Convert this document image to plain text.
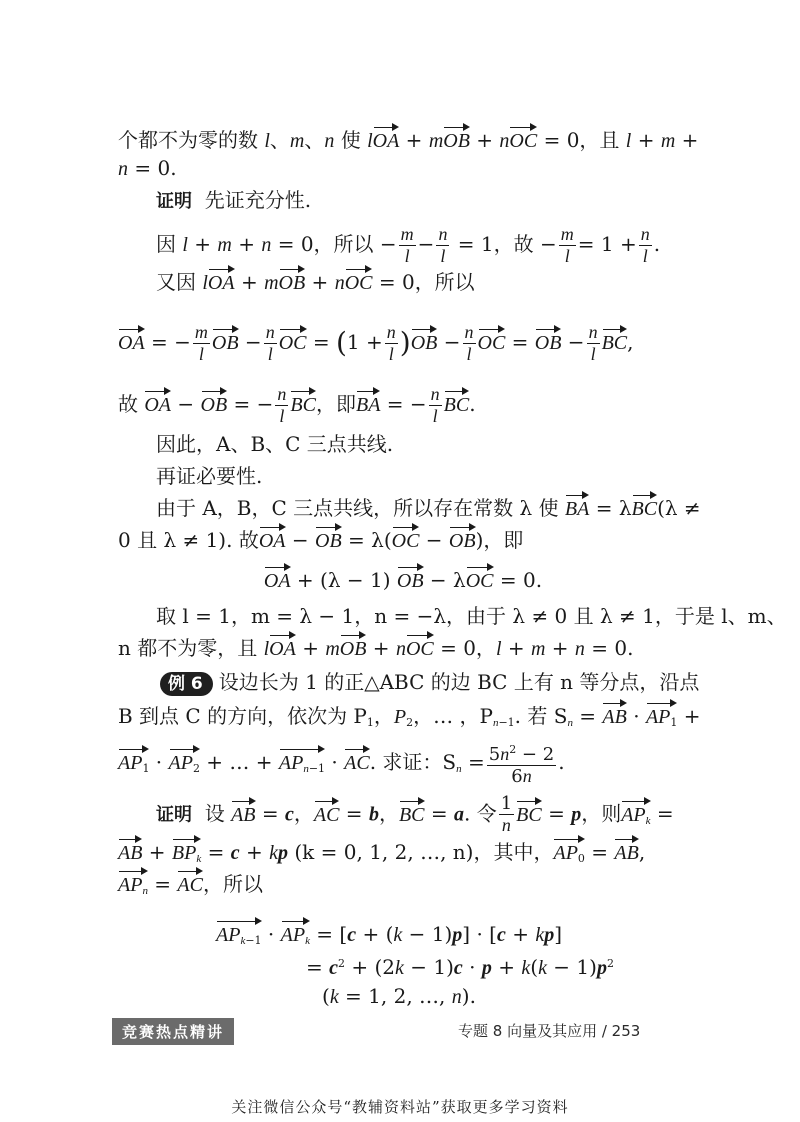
个都不为零的数 l、m、n 使 lOA + mOB + nOC = 0，且 l + m +
n = 0.
证明 先证充分性.
因 l + m + n = 0，所以 − $\frac{m}{l} - \frac{n}{l} = 1$，故 − $\frac{m}{l} = 1 + \frac{n}{l}$ .
又因 lOA + mOB + nOC = 0，所以
OA = − $\frac{m}{l}$ OB − $\frac{n}{l}$ OC = $(1 + \frac{n}{l} )OB - \frac{n}{l}$ OC = OB − $\frac{n}{l}$ BC,
故 OA − OB = − $\frac{n}{l}$ BC，即BA = − $\frac{n}{l}$ BC.
因此，A、B、C 三点共线.
再证必要性.
由于 A，B，C 三点共线，所以存在常数 λ 使 BA = λBC(λ ≠
0 且 λ ≠ 1). 故OA − OB = λ(OC − OB)，即
OA + (λ − 1) OB − λOC = 0.
取 l = 1，m = λ − 1，n = −λ，由于 λ ≠ 0 且 λ ≠ 1，于是 l、m、
n 都不为零，且 lOA + mOB + nOC = 0，l + m + n = 0.
例 6 设边长为 1 的正△ABC 的边 BC 上有 n 等分点，沿点
B 到点 C 的方向，依次为 $P_1$，$P_2$，… ，$P_{n-1}$. 若 $S_n$ = AB · $AP_1$ +
$AP_1 \cdot AP_2$ + … + $AP_{n-1}$ · AC. 求证：$S_n = \frac{5n^2 - 2}{6n}$ .
证明 设 AB = c，AC = b，BC = a. 令 $\frac{1}{n}$ BC = p，则$AP_k$ =
AB + $BP_k = c$ + kp (k = 0, 1, 2, …, n)，其中，$AP_0$ = AB,
$AP_n$ = AC，所以
$AP_{k-1} \cdot AP_k = [c + (k - 1)p] \cdot [c + kp]$
= $c^2 + (2k - 1)c \cdot p + k(k - 1)p^2$
(k = 1, 2, …, n).
竞赛热点精讲	专题 8 向量及其应用 / 253
关注微信公众号“教辅资料站”获取更多学习资料
